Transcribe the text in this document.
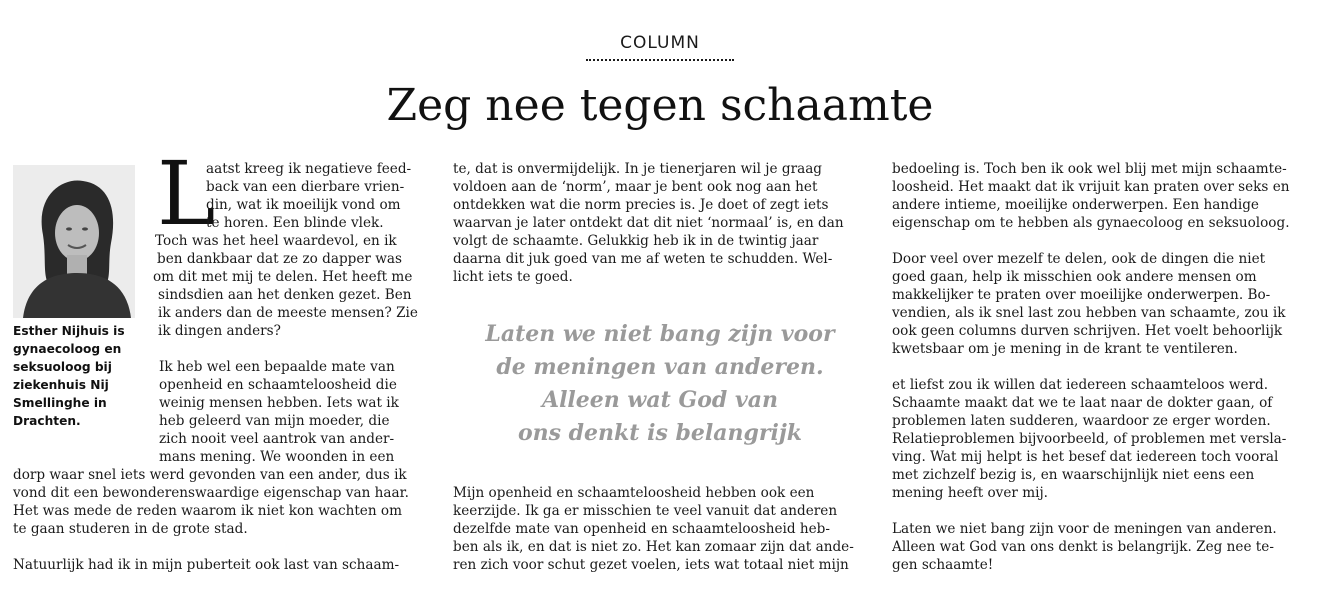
COLUMN
Zeg nee tegen schaamte
Esther Nijhuis is
gynaecoloog en
seksuoloog bij
ziekenhuis Nij
Smellinghe in
Drachten.
L
aatst kreeg ik negatieve feed-
back van een dierbare vrien-
din, wat ik moeilijk vond om
te horen. Een blinde vlek.
Toch was het heel waardevol, en ik
ben dankbaar dat ze zo dapper was
om dit met mij te delen. Het heeft me
sindsdien aan het denken gezet. Ben
ik anders dan de meeste mensen? Zie
ik dingen anders?
Ik heb wel een bepaalde mate van
openheid en schaamteloosheid die
weinig mensen hebben. Iets wat ik
heb geleerd van mijn moeder, die
zich nooit veel aantrok van ander-
mans mening. We woonden in een
dorp waar snel iets werd gevonden van een ander, dus ik
vond dit een bewonderenswaardige eigenschap van haar.
Het was mede de reden waarom ik niet kon wachten om
te gaan studeren in de grote stad.
Natuurlijk had ik in mijn puberteit ook last van schaam-
te, dat is onvermijdelijk. In je tienerjaren wil je graag
voldoen aan de ‘norm’, maar je bent ook nog aan het
ontdekken wat die norm precies is. Je doet of zegt iets
waarvan je later ontdekt dat dit niet ‘normaal’ is, en dan
volgt de schaamte. Gelukkig heb ik in de twintig jaar
daarna dit juk goed van me af weten te schudden. Wel-
licht iets te goed.
Laten we niet bang zijn voor
de meningen van anderen.
Alleen wat God van
ons denkt is belangrijk
Mijn openheid en schaamteloosheid hebben ook een
keerzijde. Ik ga er misschien te veel vanuit dat anderen
dezelfde mate van openheid en schaamteloosheid heb-
ben als ik, en dat is niet zo. Het kan zomaar zijn dat ande-
ren zich voor schut gezet voelen, iets wat totaal niet mijn
bedoeling is. Toch ben ik ook wel blij met mijn schaamte-
loosheid. Het maakt dat ik vrijuit kan praten over seks en
andere intieme, moeilijke onderwerpen. Een handige
eigenschap om te hebben als gynaecoloog en seksuoloog.
Door veel over mezelf te delen, ook de dingen die niet
goed gaan, help ik misschien ook andere mensen om
makkelijker te praten over moeilijke onderwerpen. Bo-
vendien, als ik snel last zou hebben van schaamte, zou ik
ook geen columns durven schrijven. Het voelt behoorlijk
kwetsbaar om je mening in de krant te ventileren.
et liefst zou ik willen dat iedereen schaamteloos werd.
Schaamte maakt dat we te laat naar de dokter gaan, of
problemen laten sudderen, waardoor ze erger worden.
Relatieproblemen bijvoorbeeld, of problemen met versla-
ving. Wat mij helpt is het besef dat iedereen toch vooral
met zichzelf bezig is, en waarschijnlijk niet eens een
mening heeft over mij.
Laten we niet bang zijn voor de meningen van anderen.
Alleen wat God van ons denkt is belangrijk. Zeg nee te-
gen schaamte!
